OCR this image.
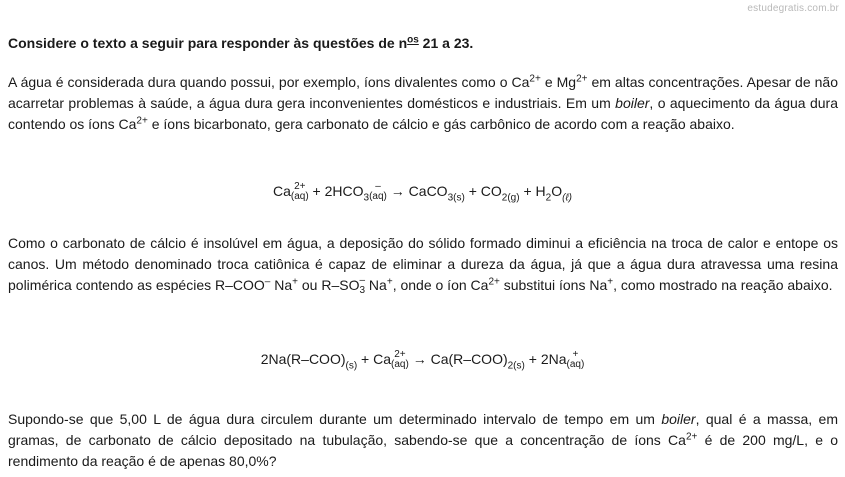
estudegratis.com.br
Considere o texto a seguir para responder às questões de $n^{os}$ 21 a 23.
A água é considerada dura quando possui, por exemplo, íons divalentes como o $Ca^{2+}$ e $Mg^{2+}$ em altas concentrações. Apesar de não acarretar problemas à saúde, a água dura gera inconvenientes domésticos e industriais. Em um boiler, o aquecimento da água dura contendo os íons $Ca^{2+}$ e íons bicarbonato, gera carbonato de cálcio e gás carbônico de acordo com a reação abaixo.
Ca 2+
$(aq) + 2HCO_3$
–
(aq) → CaCO$_{3(s)}$ + $CO_{2(g)} + H_2O_{(\ell)}$
Como o carbonato de cálcio é insolúvel em água, a deposição do sólido formado diminui a eficiência na troca de calor e entope os canos. Um método denominado troca catiônica é capaz de eliminar a dureza da água, já que a água dura atravessa uma resina polimérica contendo as espécies R–COO– Na+ ou R–SO –
3 Na+, onde o íon $Ca^{2+}$ substitui íons Na+, como mostrado na reação abaixo.
$2Na(R-COO)_{(s)} + Ca$ 2+
$(aq) \to Ca(R-COO)_{2(s)} + 2Na$ +
(aq)
Supondo-se que 5,00 L de água dura circulem durante um determinado intervalo de tempo em um boiler, qual é a massa, em gramas, de carbonato de cálcio depositado na tubulação, sabendo-se que a concentração de íons $Ca^{2+}$ é de 200 mg/L, e o rendimento da reação é de apenas 80,0%?
